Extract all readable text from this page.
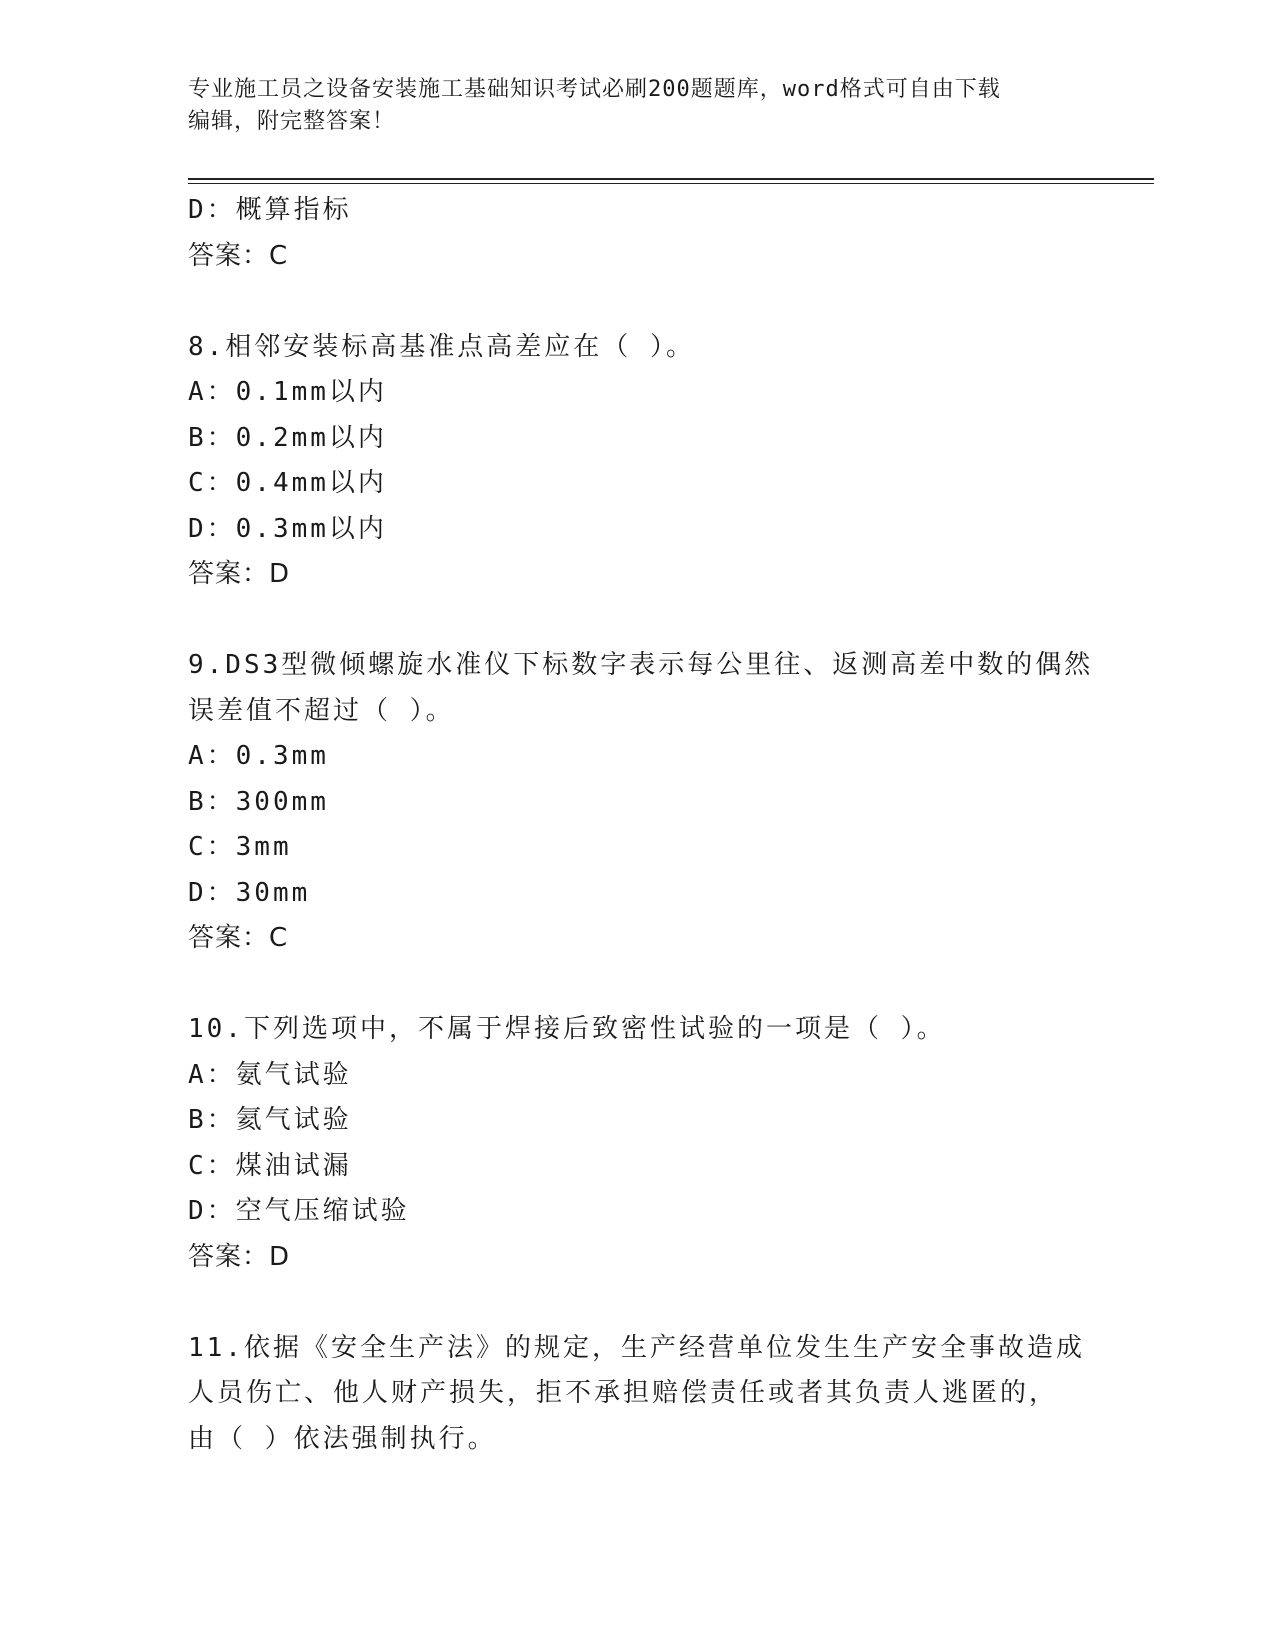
专业施工员之设备安装施工基础知识考试必刷200题题库，word格式可自由下载
编辑，附完整答案！
D：概算指标
答案：C
8.相邻安装标高基准点高差应在（ ）。
A：0.1mm以内
B：0.2mm以内
C：0.4mm以内
D：0.3mm以内
答案：D
9.DS3型微倾螺旋水准仪下标数字表示每公里往、返测高差中数的偶然
误差值不超过（ ）。
A：0.3mm
B：300mm
C：3mm
D：30mm
答案：C
10.下列选项中，不属于焊接后致密性试验的一项是（ ）。
A：氨气试验
B：氦气试验
C：煤油试漏
D：空气压缩试验
答案：D
11.依据《安全生产法》的规定，生产经营单位发生生产安全事故造成
人员伤亡、他人财产损失，拒不承担赔偿责任或者其负责人逃匿的，
由（ ）依法强制执行。
